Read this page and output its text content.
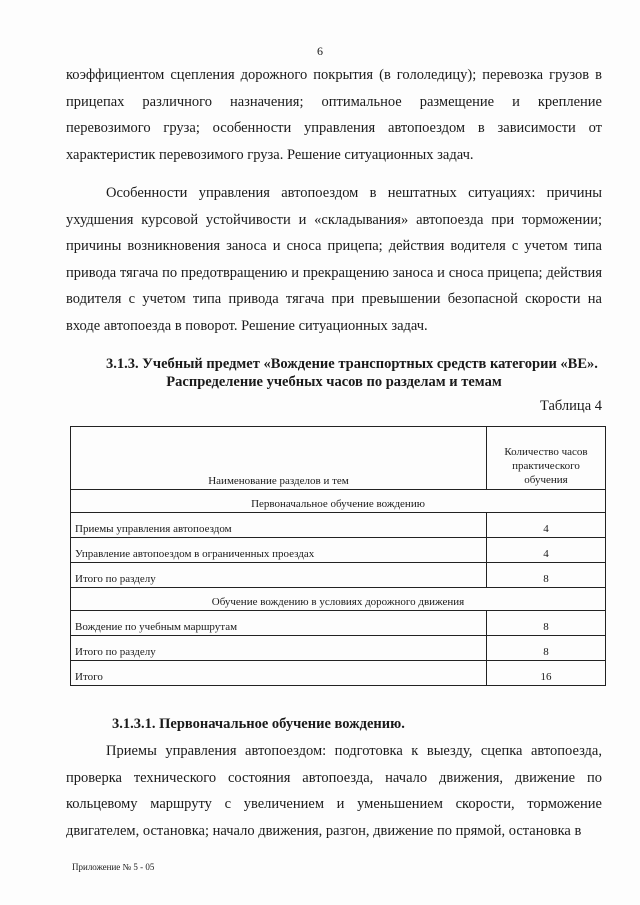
6

коэффициентом сцепления дорожного покрытия (в гололедицу); перевозка грузов в прицепах различного назначения; оптимальное размещение и крепление перевозимого груза; особенности управления автопоездом в зависимости от характеристик перевозимого груза. Решение ситуационных задач.

Особенности управления автопоездом в нештатных ситуациях: причины ухудшения курсовой устойчивости и «складывания» автопоезда при торможении; причины возникновения заноса и сноса прицепа; действия водителя с учетом типа привода тягача по предотвращению и прекращению заноса и сноса прицепа; действия водителя с учетом типа привода тягача при превышении безопасной скорости на входе автопоезда в поворот. Решение ситуационных задач.

3.1.3. Учебный предмет «Вождение транспортных средств категории «BE».

Распределение учебных часов по разделам и темам
Таблица 4
Наименование разделов и тем	Количество часов практического обучения
Первоначальное обучение вождению	
Приемы управления автопоездом	4
Управление автопоездом в ограниченных проездах	4
Итого по разделу	8
Обучение вождению в условиях дорожного движения	
Вождение по учебным маршрутам	8
Итого по разделу	8
Итого	16
3.1.3.1. Первоначальное обучение вождению.

Приемы управления автопоездом: подготовка к выезду, сцепка автопоезда, проверка технического состояния автопоезда, начало движения, движение по кольцевому маршруту с увеличением и уменьшением скорости, торможение двигателем, остановка; начало движения, разгон, движение по прямой, остановка в

Приложение № 5 - 05
